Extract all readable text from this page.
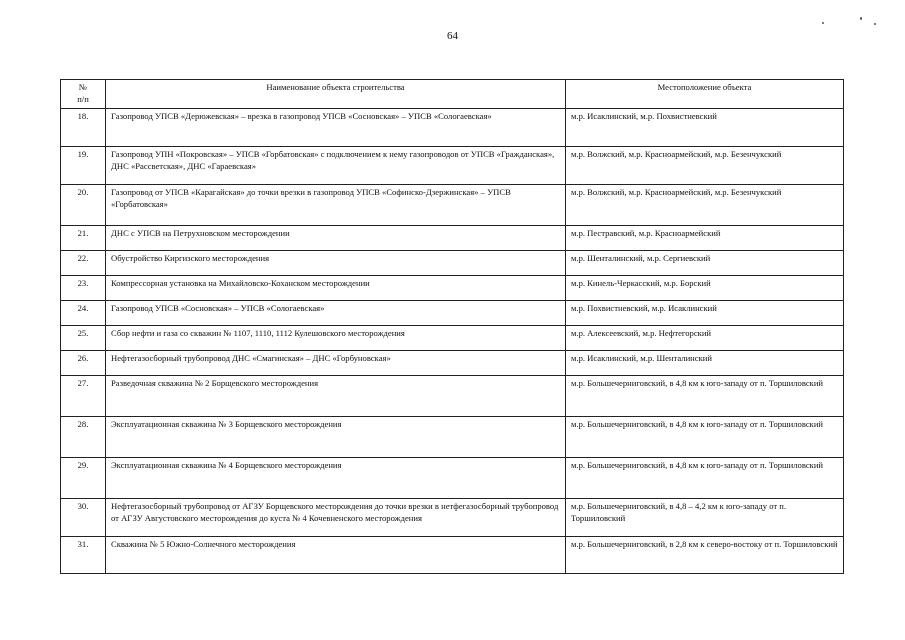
64
№
п/п	Наименование объекта строительства	Местоположение объекта
18.	Газопровод УПСВ «Дерюжевская» – врезка в газопровод УПСВ «Сосновская» – УПСВ «Сологаевская»	м.р. Исаклинский, м.р. Похвистневский
19.	Газопровод УПН «Покровская» – УПСВ «Горбатовская» с подключением к нему газопроводов от УПСВ «Гражданская», ДНС «Рассветская», ДНС «Гараевская»	м.р. Волжский, м.р. Красноармейский, м.р. Безенчукский
20.	Газопровод от УПСВ «Карагайская» до точки врезки в газопровод УПСВ «Софинско-Дзержинская» – УПСВ «Горбатовская»	м.р. Волжский, м.р. Красноармейский, м.р. Безенчукский
21.	ДНС с УПСВ на Петрухновском месторождении	м.р. Пестравский, м.р. Красноармейский
22.	Обустройство Киргизского месторождения	м.р. Шенталинский, м.р. Сергиевский
23.	Компрессорная установка на Михайловско-Коханском месторождении	м.р. Кинель-Черкасский, м.р. Борский
24.	Газопровод УПСВ «Сосновская» – УПСВ «Сологаевская»	м.р. Похвистневский, м.р. Исаклинский
25.	Сбор нефти и газа со скважин № 1107, 1110, 1112 Кулешовского месторождения	м.р. Алексеевский, м.р. Нефтегорский
26.	Нефтегазосборный трубопровод ДНС «Смагинская» – ДНС «Горбуновская»	м.р. Исаклинский, м.р. Шенталинский
27.	Разведочная скважина № 2 Борщевского месторождения	м.р. Большечерниговский, в 4,8 км к юго-западу от п. Торшиловский
28.	Эксплуатационная скважина № 3 Борщевского месторождения	м.р. Большечерниговский, в 4,8 км к юго-западу от п. Торшиловский
29.	Эксплуатационная скважина № 4 Борщевского месторождения	м.р. Большечерниговский, в 4,8 км к юго-западу от п. Торшиловский
30.	Нефтегазосборный трубопровод от АГЗУ Борщевского месторождения до точки врезки в нетфегазосборный трубопровод от АГЗУ Августовского месторождения до куста № 4 Кочевненского месторождения	м.р. Большечерниговский, в 4,8 – 4,2 км к юго-западу от п. Торшиловский
31.	Скважина № 5 Южно-Солнечного месторождения	м.р. Большечерниговский, в 2,8 км к северо-востоку от п. Торшиловский
